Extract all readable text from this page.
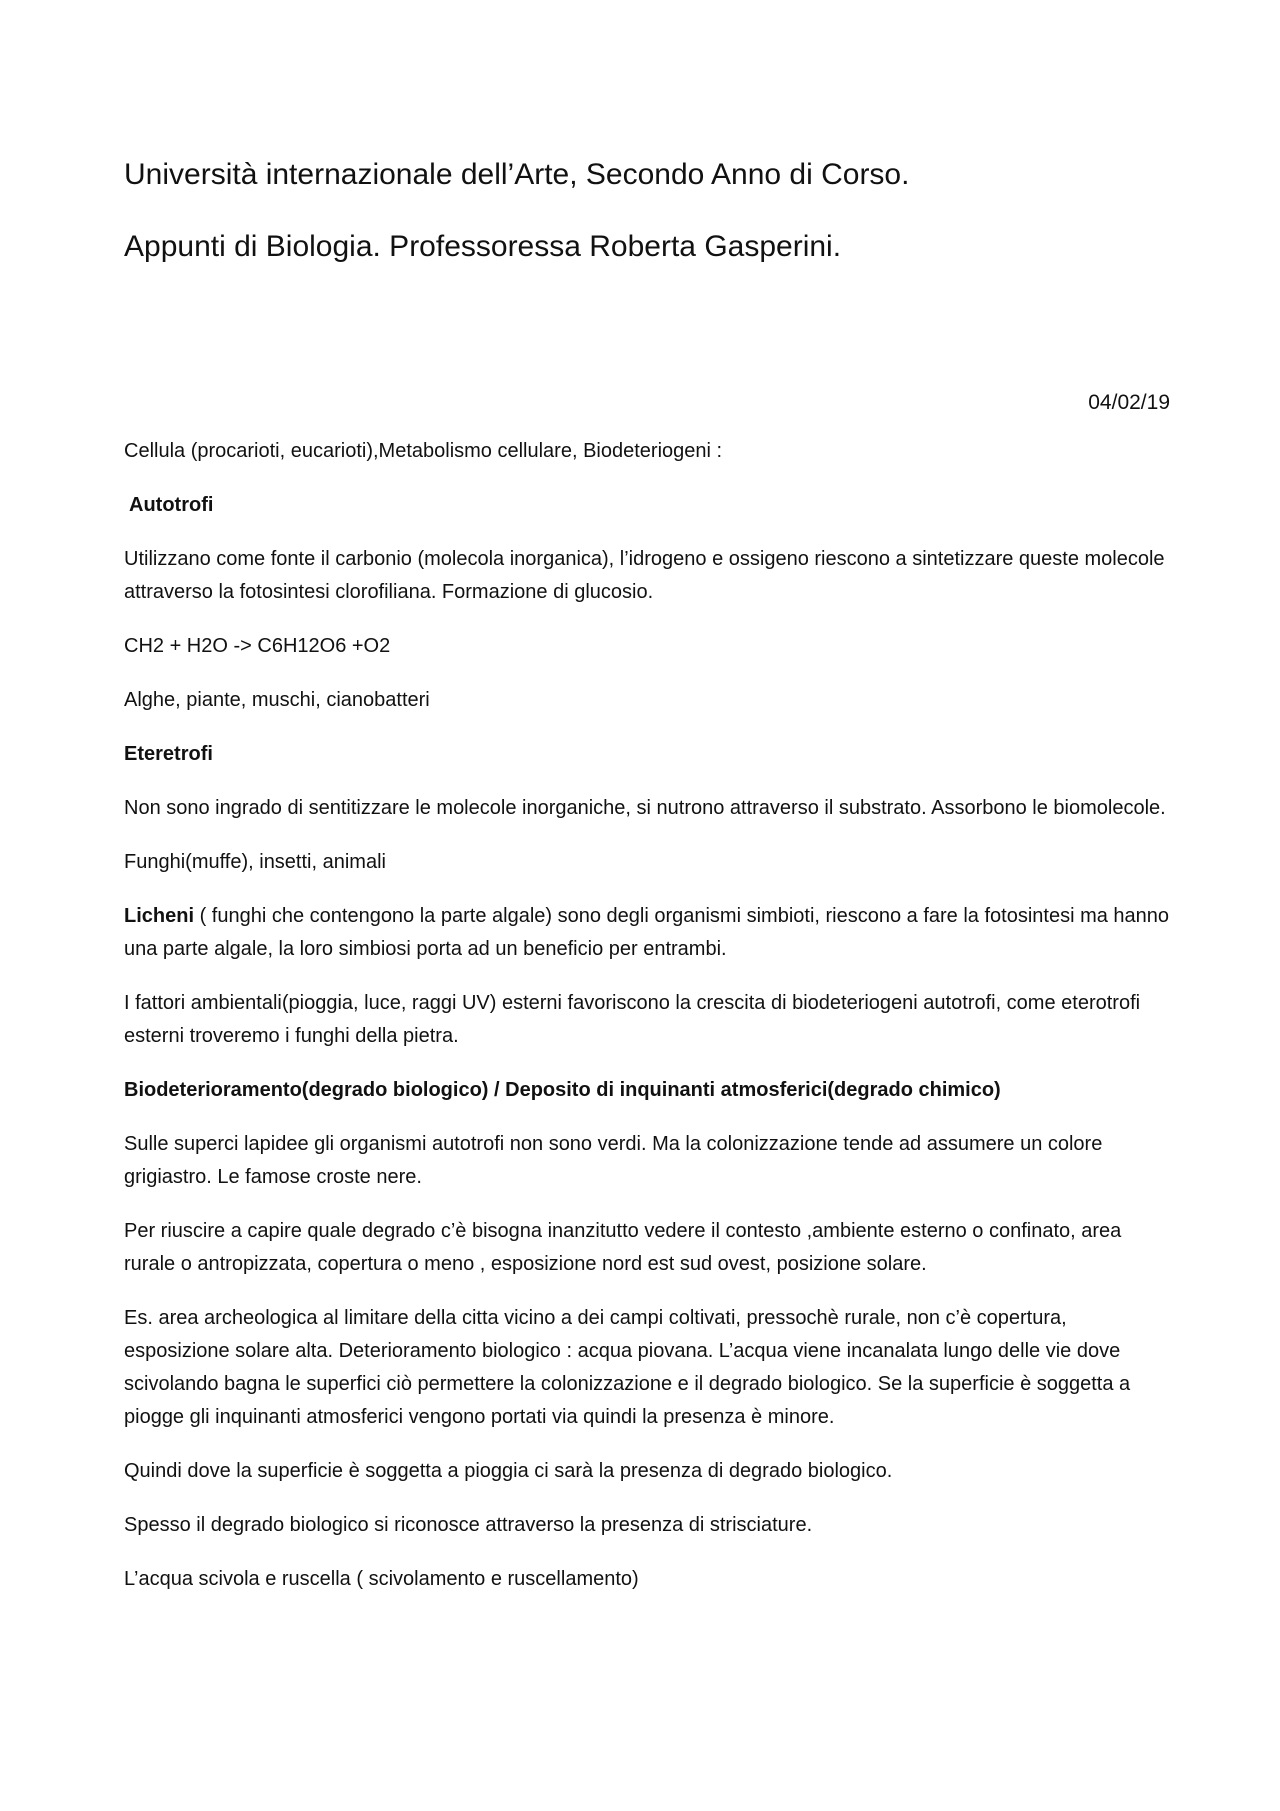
Università internazionale dell’Arte, Secondo Anno di Corso.
Appunti di Biologia. Professoressa Roberta Gasperini.
04/02/19

Cellula (procarioti, eucarioti),Metabolismo cellulare, Biodeteriogeni :

Autotrofi

Utilizzano come fonte il carbonio (molecola inorganica), l’idrogeno e ossigeno riescono a sintetizzare queste molecole attraverso la fotosintesi clorofiliana. Formazione di glucosio.

CH2 + H2O -> C6H12O6 +O2

Alghe, piante, muschi, cianobatteri

Eteretrofi

Non sono ingrado di sentitizzare le molecole inorganiche, si nutrono attraverso il substrato. Assorbono le biomolecole.

Funghi(muffe), insetti, animali

Licheni ( funghi che contengono la parte algale) sono degli organismi simbioti, riescono a fare la fotosintesi ma hanno una parte algale, la loro simbiosi porta ad un beneficio per entrambi.

I fattori ambientali(pioggia, luce, raggi UV) esterni favoriscono la crescita di biodeteriogeni autotrofi, come eterotrofi esterni troveremo i funghi della pietra.

Biodeterioramento(degrado biologico) / Deposito di inquinanti atmosferici(degrado chimico)

Sulle superci lapidee gli organismi autotrofi non sono verdi. Ma la colonizzazione tende ad assumere un colore grigiastro. Le famose croste nere.

Per riuscire a capire quale degrado c’è bisogna inanzitutto vedere il contesto ,ambiente esterno o confinato, area rurale o antropizzata, copertura o meno , esposizione nord est sud ovest, posizione solare.

Es. area archeologica al limitare della citta vicino a dei campi coltivati, pressochè rurale, non c’è copertura, esposizione solare alta. Deterioramento biologico : acqua piovana. L’acqua viene incanalata lungo delle vie dove scivolando bagna le superfici ciò permettere la colonizzazione e il degrado biologico. Se la superficie è soggetta a piogge gli inquinanti atmosferici vengono portati via quindi la presenza è minore.

Quindi dove la superficie è soggetta a pioggia ci sarà la presenza di degrado biologico.

Spesso il degrado biologico si riconosce attraverso la presenza di strisciature.

L’acqua scivola e ruscella ( scivolamento e ruscellamento)
